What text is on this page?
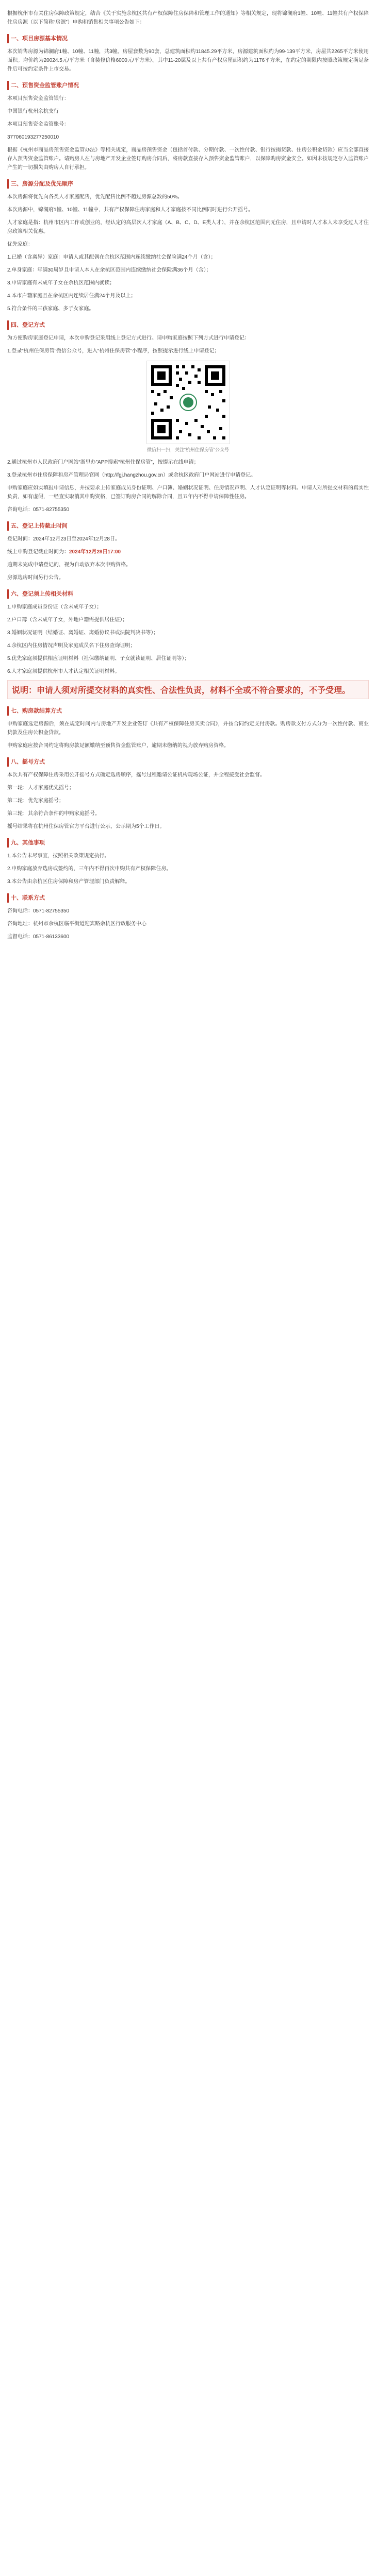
根据杭州市有关住房保障政策规定，结合《关于实施余杭区共有产权保障住房保障和管理工作的通知》等相关规定，现将锦澜府1幢、10幢、11幢共有产权保障住房房源（以下简称“房源”）申购和销售相关事项公告如下：

一、项目房源基本情况

本次销售房源为锦澜府1幢、10幢、11幢，共3幢。房屋套数为90套，总建筑面积约11845.29平方米，房源建筑面积约为99-139平方米，房屋共2265平方米使用面积。均价约为20024.5元/平方米（含装修价格6000元/平方米）。其中11-20层及以上共有产权房屋面积约为1176平方米，在约定的期限内按照政策规定满足条件后可按约定条件上市交易。

二、预售资金监管账户情况

本项目预售资金监管银行：

中国银行杭州余杭支行

本项目预售资金监管账号：

377060193277250010

根据《杭州市商品房预售资金监管办法》等相关规定，商品房预售资金（包括首付款、分期付款、一次性付款、银行按揭贷款、住房公积金贷款）应当全部直接存入预售资金监管账户。请购房人在与房地产开发企业签订购房合同后，将房款直接存入预售资金监管账户，以保障购房资金安全。如因未按规定存入监管账户产生的一切损失由购房人自行承担。

三、房源分配及优先顺序

本次房源将优先向各类人才家庭配售，优先配售比例不超过房源总数的50%。

本次房源中，锦澜府1幢、10幢、11幢中，共有产权保障住房家庭和人才家庭按不同比例同时进行公开摇号。

人才家庭是指：杭州市区内工作或创业的，经认定的高层次人才家庭（A、B、C、D、E类人才），并在余杭区范围内无住房，且申请时人才本人未享受过人才住房政策相关优惠。

优先家庭：

1.已婚（含离异）家庭：申请人或其配偶在余杭区范围内连续缴纳社会保险满24个月（含）；
2.单身家庭：年满30周岁且申请人本人在余杭区范围内连续缴纳社会保险满36个月（含）；
3.申请家庭有未成年子女在余杭区范围内就读；
4.本市户籍家庭且在余杭区内连续居住满24个月及以上；
5.符合条件的三孩家庭、多子女家庭。
四、登记方式

为方便购房家庭登记申请，本次申购登记采用线上登记方式进行。请申购家庭按照下列方式进行申请登记：

1.登录“杭州住保房管”微信公众号，进入“杭州住保房管”小程序，按照提示进行线上申请登记；

微信扫一扫，关注“杭州住保房管”公众号

2.通过杭州市人民政府门户网站“浙里办”APP搜索“杭州住保房管”，按提示在线申请；

3.登录杭州市住房保障和房产管理局官网（http://fgj.hangzhou.gov.cn）或余杭区政府门户网站进行申请登记。

申购家庭应如实填报申请信息，并按要求上传家庭成员身份证明、户口簿、婚姻状况证明、住房情况声明、人才认定证明等材料。申请人对所提交材料的真实性负责，如有虚假，一经查实取消其申购资格，已签订购房合同的解除合同，且五年内不得申请保障性住房。

咨询电话：0571-82755350

五、登记上传截止时间

登记时间：2024年12月23日至2024年12月28日。

线上申购登记截止时间为：2024年12月28日17:00

逾期未完成申请登记的，视为自动放弃本次申购资格。

房源选房时间另行公告。

六、登记须上传相关材料
1.申购家庭成员身份证（含未成年子女）；
2.户口簿（含未成年子女，外地户籍需提供居住证）；
3.婚姻状况证明（结婚证、离婚证、离婚协议书或法院判决书等）；
4.余杭区内住房情况声明及家庭成员名下住房查询证明；
5.优先家庭须提供相应证明材料（社保缴纳证明、子女就读证明、居住证明等）；
6.人才家庭须提供杭州市人才认定相关证明材料。
说明：申请人须对所提交材料的真实性、合法性负责，材料不全或不符合要求的，不予受理。
七、购房款结算方式

申购家庭选定房源后，须在规定时间内与房地产开发企业签订《共有产权保障住房买卖合同》，并按合同约定支付房款。购房款支付方式分为一次性付款、商业贷款及住房公积金贷款。

申购家庭应按合同约定将购房款足额缴纳至预售资金监管账户，逾期未缴纳的视为放弃购房资格。

八、摇号方式

本次共有产权保障住房采用公开摇号方式确定选房顺序，摇号过程邀请公证机构现场公证，并全程接受社会监督。

第一轮：人才家庭优先摇号；

第二轮：优先家庭摇号；

第三轮：其余符合条件的申购家庭摇号。

摇号结果将在杭州住保房管官方平台进行公示，公示期为5个工作日。

九、其他事项
1.本公告未尽事宜，按照相关政策规定执行。
2.申购家庭放弃选房或签约的，三年内不得再次申购共有产权保障住房。
3.本公告由余杭区住房保障和房产管理部门负责解释。
十、联系方式

咨询电话：0571-82755350

咨询地址：杭州市余杭区临平街道迎宾路余杭区行政服务中心

监督电话：0571-86133600
